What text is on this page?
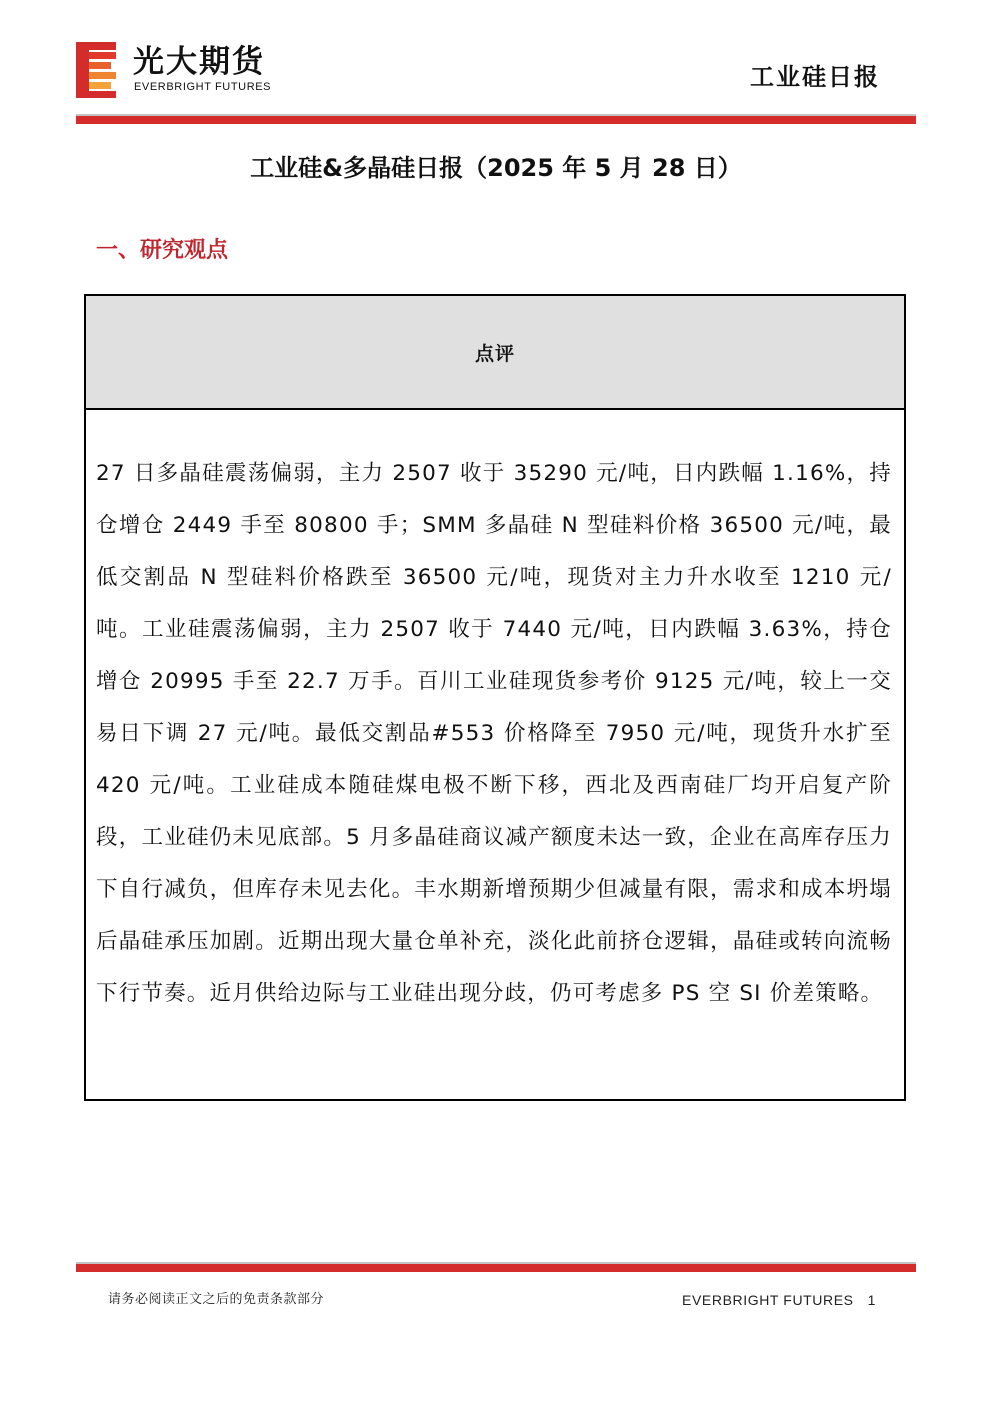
光大期货
EVERBRIGHT FUTURES	工业硅日报
工业硅&多晶硅日报（2025 年 5 月 28 日）
一、研究观点
点评
27 日多晶硅震荡偏弱，主力 2507 收于 35290 元/吨，日内跌幅 1.16%，持仓增仓 2449 手至 80800 手；SMM 多晶硅 N 型硅料价格 36500 元/吨，最低交割品 N 型硅料价格跌至 36500 元/吨，现货对主力升水收至 1210 元/吨。工业硅震荡偏弱，主力 2507 收于 7440 元/吨，日内跌幅 3.63%，持仓增仓 20995 手至 22.7 万手。百川工业硅现货参考价 9125 元/吨，较上一交易日下调 27 元/吨。最低交割品#553 价格降至 7950 元/吨，现货升水扩至 420 元/吨。工业硅成本随硅煤电极不断下移，西北及西南硅厂均开启复产阶段，工业硅仍未见底部。5 月多晶硅商议减产额度未达一致，企业在高库存压力下自行减负，但库存未见去化。丰水期新增预期少但减量有限，需求和成本坍塌后晶硅承压加剧。近期出现大量仓单补充，淡化此前挤仓逻辑，晶硅或转向流畅下行节奏。近月供给边际与工业硅出现分歧，仍可考虑多 PS 空 SI 价差策略。
请务必阅读正文之后的免责条款部分	EVERBRIGHT FUTURES 1
